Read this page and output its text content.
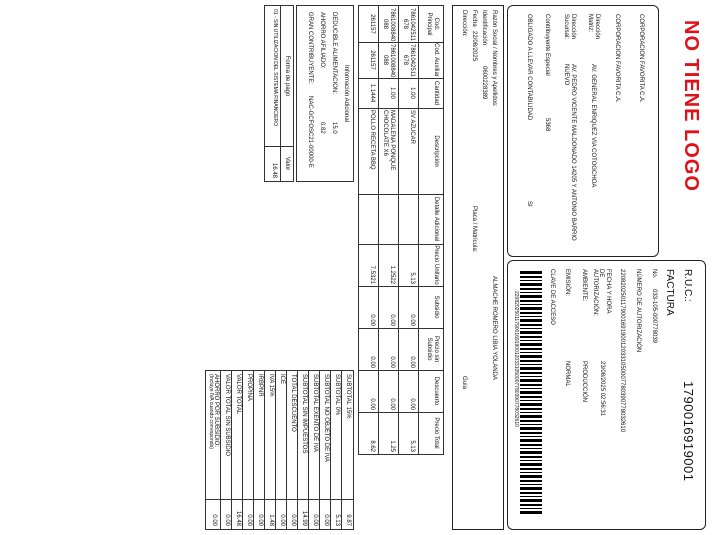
NO TIENE LOGO
CORPORACION FAVORITA C.A.
CORPORACION FAVORITA C.A.
Dirección Matriz:
AV. GENERAL ENRIQUEZ VIA COTOGCHOA
Dirección Sucursal:
AV. PEDRO VICENTE MALDONADO 14205 Y ANTONIO BARRIO NUEVO
Contribuyente Especial
5368
OBLIGADO A LLEVAR CONTABILIDAD
SI
R.U.C.:
1790016919001
FACTURA
No.
033-105-000778039
NÚMERO DE AUTORIZACIÓN
2208202501179001691900120331050007780390778032610
FECHA Y HORA DE AUTORIZACIÓN:
23/08/2025 02:56:31
AMBIENTE:
PRODUCCIÓN
EMISIÓN:
NORMAL
CLAVE DE ACCESO
2208202501179001691900120331050007780390778032610
Razón Social / Nombres y Apellidos:
ALMACHE ROMERO LIBIA YOLANDA
Identificación
0600228389
Fecha
22/08/2025
Placa / Matrícula:
Dirección:
Guía
Cod. Principal
Cod. Auxiliar
Cantidad
Descripción
Detalle Adicional
Precio Unitario
Subsidio
Precio sin Subsidio
Descuento
Precio Total
7861042511 678
7861042511 678
1.00
SV AZUCAR
5.13
0.00
0.00
0.00
5.13
7861008840 088
7861008840 088
1.00
MADALENA PONQUE CHOCOLATE X6
1.2522
0.00
0.00
0.00
1.25
261157
261157
1.1444
POLLO RECETA BBQ
7.5321
0.00
0.00
0.00
8.62
Información Adicional
DEDUCIBLE ALIMENTACION:
15.0
AHORRO AFILIADO:
0.82
GRAN CONTRIBUYENTE:
NAC-GCFOSC21-00000-E
Forma de pago
Valor
01 - SIN UTILIZACION DEL SISTEMA FINANCIERO
16.48
SUBTOTAL 15%
9.87
SUBTOTAL 0%
5.13
SUBTOTAL NO OBJETO DE IVA
0.00
SUBTOTAL EXENTO DE IVA
0.00
SUBTOTAL SIN IMPUESTOS
14.99
TOTAL DESCUENTO
0.00
ICE
0.00
IVA 15%
1.48
IRBPNR
0.00
PROPINA
0.00
VALOR TOTAL
16.48
VALOR TOTAL SIN SUBSIDIO
0.00
AHORRO POR SUBSIDIO:
(Incluye IVA cuando corresponda)
0.00
